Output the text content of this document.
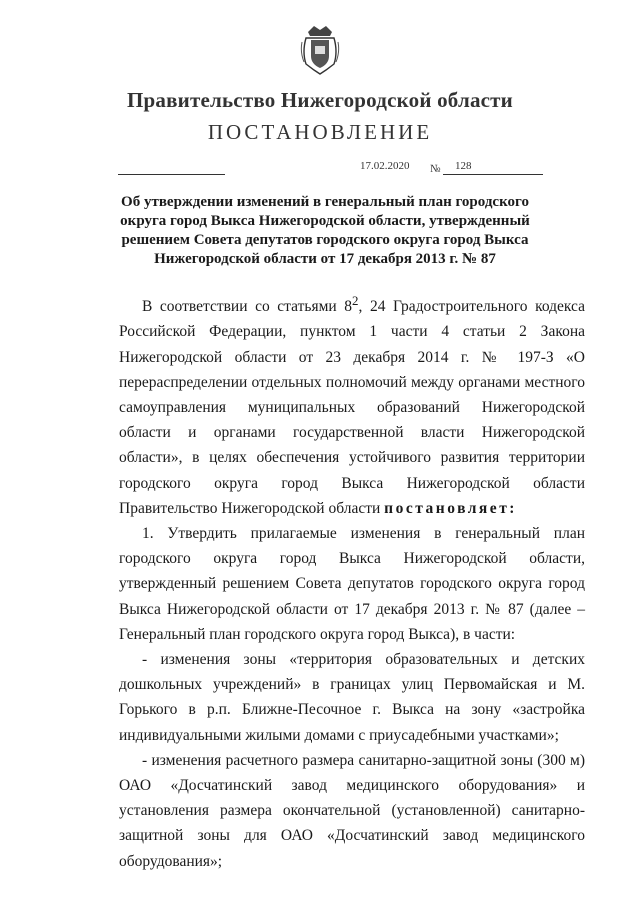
Правительство Нижегородской области
ПОСТАНОВЛЕНИЕ
17.02.2020 № 128
Об утверждении изменений в генеральный план городского
округа город Выкса Нижегородской области, утвержденный
решением Совета депутатов городского округа город Выкса
Нижегородской области от 17 декабря 2013 г. № 87

В соответствии со статьями $8^2$, 24 Градостроительного кодекса Российской Федерации, пунктом 1 части 4 статьи 2 Закона Нижегородской области от 23 декабря 2014 г. № 197-З «О перераспределении отдельных полномочий между органами местного самоуправления муниципальных образований Нижегородской области и органами государственной власти Нижегородской области», в целях обеспечения устойчивого развития территории городского округа город Выкса Нижегородской области Правительство Нижегородской области постановляет:

1. Утвердить прилагаемые изменения в генеральный план городского округа город Выкса Нижегородской области, утвержденный решением Совета депутатов городского округа город Выкса Нижегородской области от 17 декабря 2013 г. № 87 (далее – Генеральный план городского округа город Выкса), в части:

- изменения зоны «территория образовательных и детских дошкольных учреждений» в границах улиц Первомайская и М. Горького в р.п. Ближне-Песочное г. Выкса на зону «застройка индивидуальными жилыми домами с приусадебными участками»;

- изменения расчетного размера санитарно-защитной зоны (300 м) ОАО «Досчатинский завод медицинского оборудования» и установления размера окончательной (установленной) санитарно-защитной зоны для ОАО «Досчатинский завод медицинского оборудования»;
